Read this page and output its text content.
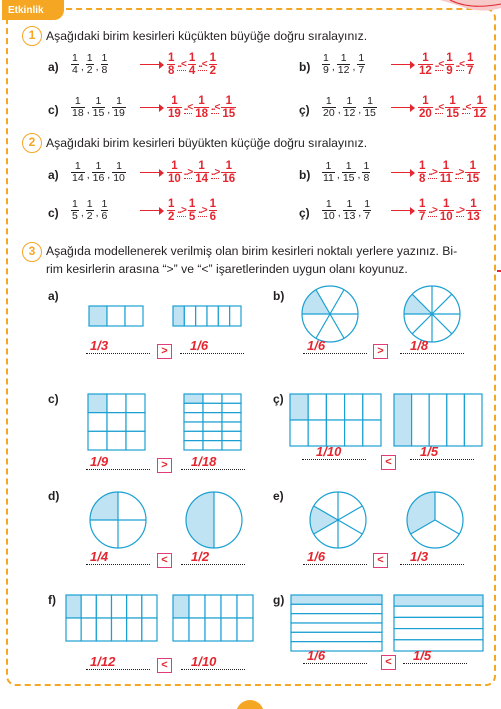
Etkinlik
1 Aşağıdaki birim kesirleri küçükten büyüğe doğru sıralayınız.
2 Aşağıdaki birim kesirleri büyükten küçüğe doğru sıralayınız.
3 Aşağıda modellenerek verilmiş olan birim kesirleri noktalı yerlere yazınız. Bi-
rim kesirlerin arasına “>” ve “<” işaretlerinden uygun olanı koyunuz.
$a) \frac{1}{4}$ , $\frac{1}{2}$ , $\frac{1}{8}$	$\frac{1}{8}$ ..< $\frac{1}{4}$ ..< $\frac{1}{2}$	$b) \frac{1}{9}$ , $\frac{1}{12}$ , $\frac{1}{7}$	$\frac{1}{12}$ ..< $\frac{1}{9}$ ..< $\frac{1}{7}$
$c) \frac{1}{18}$ , $\frac{1}{15}$ , $\frac{1}{19}$	$\frac{1}{19}$ ..< $\frac{1}{18}$ ..< $\frac{1}{15}$	ç) $\frac{1}{20}$ , $\frac{1}{12}$ , $\frac{1}{15}$	$\frac{1}{20}$ ..< $\frac{1}{15}$ ..< $\frac{1}{12}$
$a) \frac{1}{14}$ , $\frac{1}{16}$ , $\frac{1}{10}$	$\frac{1}{10}$ ..> $\frac{1}{14}$ ..> $\frac{1}{16}$	$b) \frac{1}{11}$ , $\frac{1}{15}$ , $\frac{1}{8}$	$\frac{1}{8}$ ..> $\frac{1}{11}$ ..> $\frac{1}{15}$
$c) \frac{1}{5}$ , $\frac{1}{2}$ , $\frac{1}{6}$	$\frac{1}{2}$ ..> $\frac{1}{5}$ ..> $\frac{1}{6}$	ç) $\frac{1}{10}$ , $\frac{1}{13}$ , $\frac{1}{7}$	$\frac{1}{7}$ ..> $\frac{1}{10}$ ..> $\frac{1}{13}$
a)
1/3	>	1/6
b)
1/6	>	1/8
c)
1/9	>	1/18
ç)
1/10
<
1/5
d)
1/4	<	1/2
e)
1/6	<	1/3
f)
1/12	<	1/10
g)
1/6	<	1/5
